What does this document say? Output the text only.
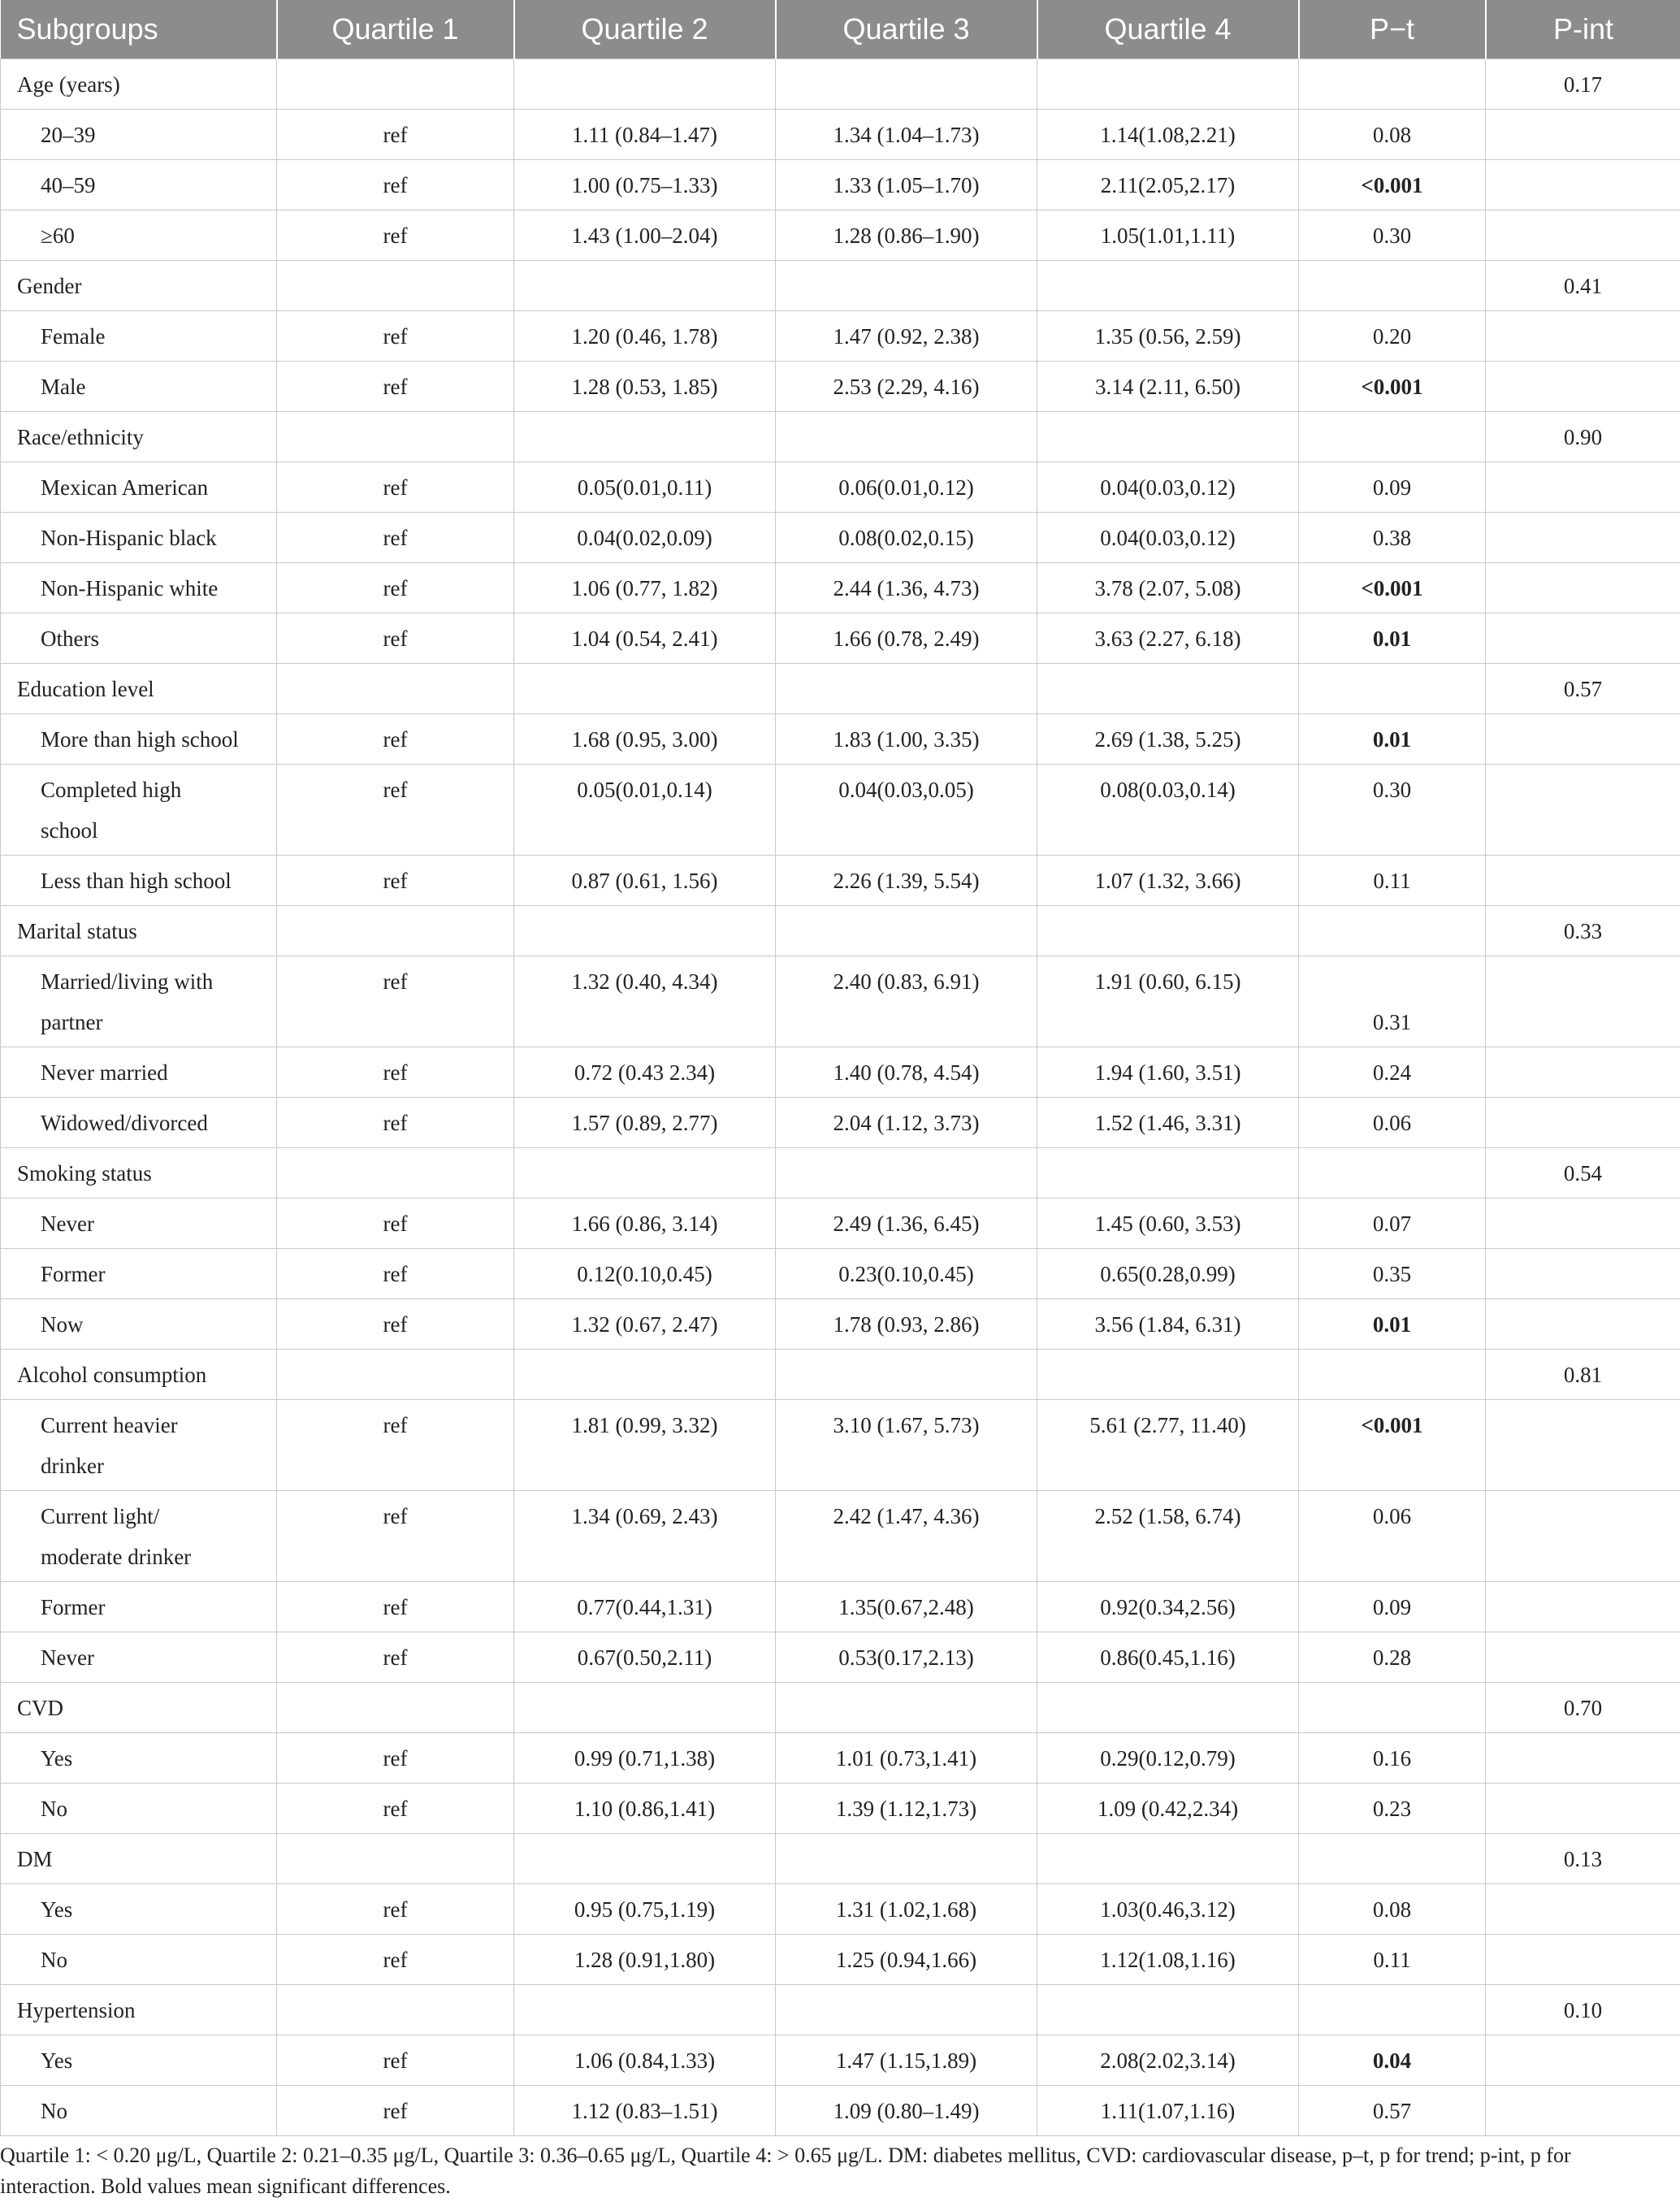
Subgroups	Quartile 1	Quartile 2	Quartile 3	Quartile 4	P−t	P-int
Age (years)						0.17
20–39	ref	1.11 (0.84–1.47)	1.34 (1.04–1.73)	1.14(1.08,2.21)	0.08	
40–59	ref	1.00 (0.75–1.33)	1.33 (1.05–1.70)	2.11(2.05,2.17)	<0.001	
≥60	ref	1.43 (1.00–2.04)	1.28 (0.86–1.90)	1.05(1.01,1.11)	0.30	
Gender						0.41
Female	ref	1.20 (0.46, 1.78)	1.47 (0.92, 2.38)	1.35 (0.56, 2.59)	0.20	
Male	ref	1.28 (0.53, 1.85)	2.53 (2.29, 4.16)	3.14 (2.11, 6.50)	<0.001	
Race/ethnicity						0.90
Mexican American	ref	0.05(0.01,0.11)	0.06(0.01,0.12)	0.04(0.03,0.12)	0.09	
Non-Hispanic black	ref	0.04(0.02,0.09)	0.08(0.02,0.15)	0.04(0.03,0.12)	0.38	
Non-Hispanic white	ref	1.06 (0.77, 1.82)	2.44 (1.36, 4.73)	3.78 (2.07, 5.08)	<0.001	
Others	ref	1.04 (0.54, 2.41)	1.66 (0.78, 2.49)	3.63 (2.27, 6.18)	0.01	
Education level						0.57
More than high school	ref	1.68 (0.95, 3.00)	1.83 (1.00, 3.35)	2.69 (1.38, 5.25)	0.01	
Completed high school	ref	0.05(0.01,0.14)	0.04(0.03,0.05)	0.08(0.03,0.14)	0.30	
Less than high school	ref	0.87 (0.61, 1.56)	2.26 (1.39, 5.54)	1.07 (1.32, 3.66)	0.11	
Marital status						0.33
Married/living with partner	ref	1.32 (0.40, 4.34)	2.40 (0.83, 6.91)	1.91 (0.60, 6.15)	0.31	
Never married	ref	0.72 (0.43 2.34)	1.40 (0.78, 4.54)	1.94 (1.60, 3.51)	0.24	
Widowed/divorced	ref	1.57 (0.89, 2.77)	2.04 (1.12, 3.73)	1.52 (1.46, 3.31)	0.06	
Smoking status						0.54
Never	ref	1.66 (0.86, 3.14)	2.49 (1.36, 6.45)	1.45 (0.60, 3.53)	0.07	
Former	ref	0.12(0.10,0.45)	0.23(0.10,0.45)	0.65(0.28,0.99)	0.35	
Now	ref	1.32 (0.67, 2.47)	1.78 (0.93, 2.86)	3.56 (1.84, 6.31)	0.01	
Alcohol consumption						0.81
Current heavier drinker	ref	1.81 (0.99, 3.32)	3.10 (1.67, 5.73)	5.61 (2.77, 11.40)	<0.001	
Current light/ moderate drinker	ref	1.34 (0.69, 2.43)	2.42 (1.47, 4.36)	2.52 (1.58, 6.74)	0.06	
Former	ref	0.77(0.44,1.31)	1.35(0.67,2.48)	0.92(0.34,2.56)	0.09	
Never	ref	0.67(0.50,2.11)	0.53(0.17,2.13)	0.86(0.45,1.16)	0.28	
CVD						0.70
Yes	ref	0.99 (0.71,1.38)	1.01 (0.73,1.41)	0.29(0.12,0.79)	0.16	
No	ref	1.10 (0.86,1.41)	1.39 (1.12,1.73)	1.09 (0.42,2.34)	0.23	
DM						0.13
Yes	ref	0.95 (0.75,1.19)	1.31 (1.02,1.68)	1.03(0.46,3.12)	0.08	
No	ref	1.28 (0.91,1.80)	1.25 (0.94,1.66)	1.12(1.08,1.16)	0.11	
Hypertension						0.10
Yes	ref	1.06 (0.84,1.33)	1.47 (1.15,1.89)	2.08(2.02,3.14)	0.04	
No	ref	1.12 (0.83–1.51)	1.09 (0.80–1.49)	1.11(1.07,1.16)	0.57	

Quartile 1: < 0.20 μg/L, Quartile 2: 0.21–0.35 μg/L, Quartile 3: 0.36–0.65 μg/L, Quartile 4: > 0.65 μg/L. DM: diabetes mellitus, CVD: cardiovascular disease, p–t, p for trend; p-int, p for interaction. Bold values mean significant differences.
